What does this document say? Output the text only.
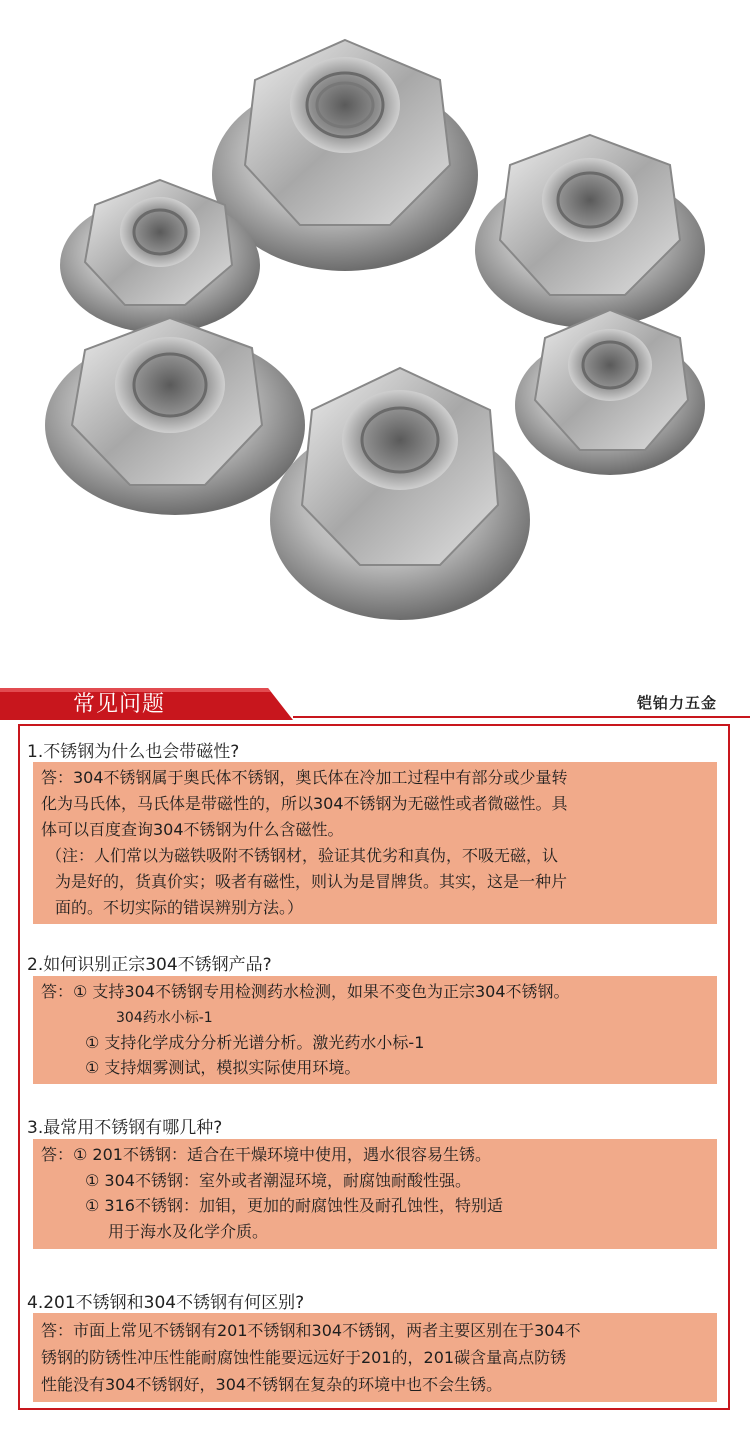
常见问题	铠铂力五金
1.不锈钢为什么也会带磁性?

答：304不锈钢属于奥氏体不锈钢，奥氏体在冷加工过程中有部分或少量转

化为马氏体，马氏体是带磁性的，所以304不锈钢为无磁性或者微磁性。具

体可以百度查询304不锈钢为什么含磁性。

（注：人们常以为磁铁吸附不锈钢材，验证其优劣和真伪，不吸无磁，认

为是好的，货真价实；吸者有磁性，则认为是冒牌货。其实，这是一种片

面的。不切实际的错误辨别方法。）

2.如何识别正宗304不锈钢产品?
答：① 支持304不锈钢专用检测药水检测，如果不变色为正宗304不锈钢。
304药水小标-1
① 支持化学成分分析光谱分析。激光药水小标-1
① 支持烟雾测试，模拟实际使用环境。
3.最常用不锈钢有哪几种?
答：① 201不锈钢：适合在干燥环境中使用，遇水很容易生锈。
① 304不锈钢：室外或者潮湿环境，耐腐蚀耐酸性强。
① 316不锈钢：加钼，更加的耐腐蚀性及耐孔蚀性，特别适
用于海水及化学介质。
4.201不锈钢和304不锈钢有何区别?

答：市面上常见不锈钢有201不锈钢和304不锈钢，两者主要区别在于304不

锈钢的防锈性冲压性能耐腐蚀性能要远远好于201的，201碳含量高点防锈

性能没有304不锈钢好，304不锈钢在复杂的环境中也不会生锈。
